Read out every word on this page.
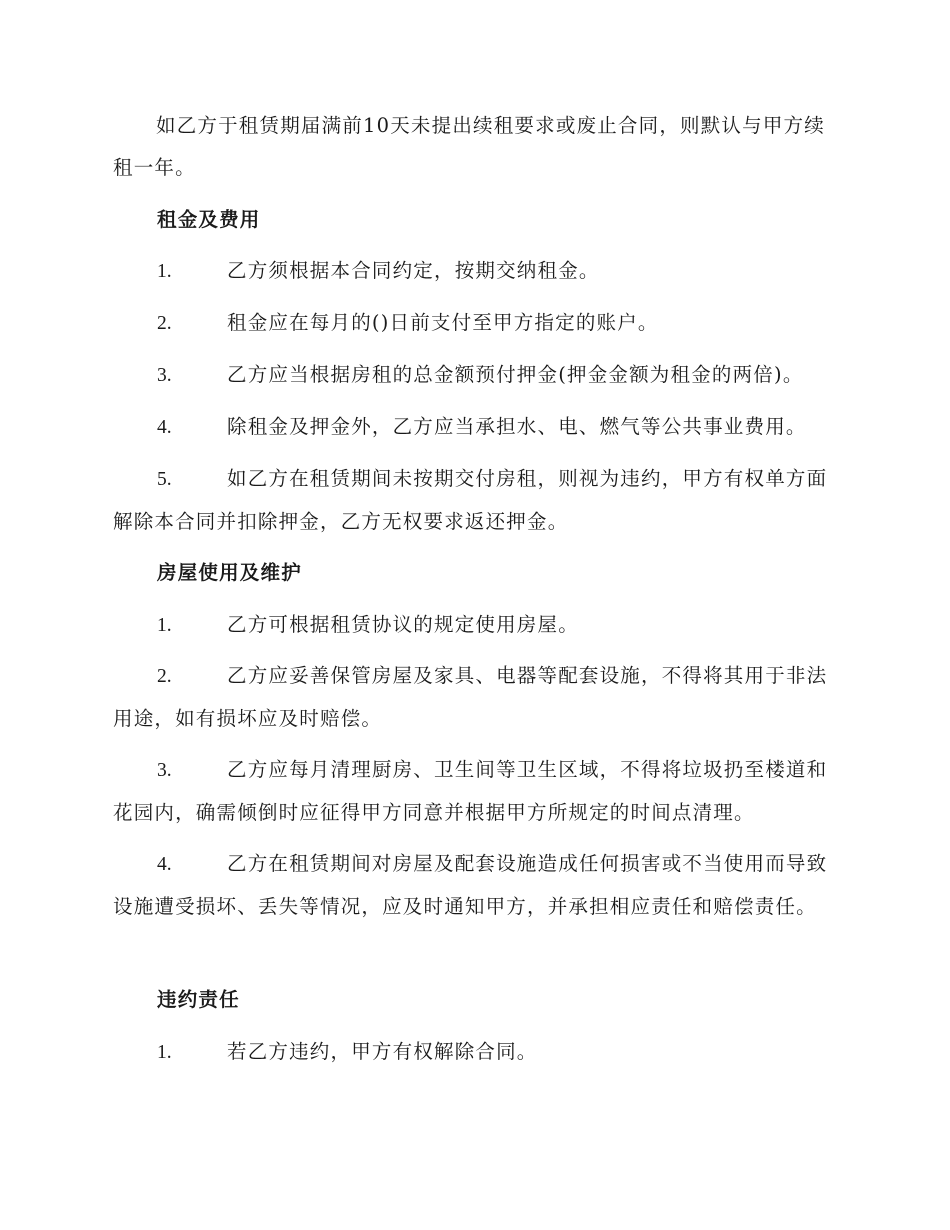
如乙方于租赁期届满前10天未提出续租要求或废止合同，则默认与甲方续租一年。

租金及费用

1.	乙方须根据本合同约定，按期交纳租金。

2.	租金应在每月的()日前支付至甲方指定的账户。

3.	乙方应当根据房租的总金额预付押金(押金金额为租金的两倍)。

4.	除租金及押金外，乙方应当承担水、电、燃气等公共事业费用。

5.	如乙方在租赁期间未按期交付房租，则视为违约，甲方有权单方面解除本合同并扣除押金，乙方无权要求返还押金。

房屋使用及维护

1.	乙方可根据租赁协议的规定使用房屋。

2.	乙方应妥善保管房屋及家具、电器等配套设施，不得将其用于非法用途，如有损坏应及时赔偿。

3.	乙方应每月清理厨房、卫生间等卫生区域，不得将垃圾扔至楼道和花园内，确需倾倒时应征得甲方同意并根据甲方所规定的时间点清理。

4.	乙方在租赁期间对房屋及配套设施造成任何损害或不当使用而导致设施遭受损坏、丢失等情况，应及时通知甲方，并承担相应责任和赔偿责任。

违约责任

1.	若乙方违约，甲方有权解除合同。
